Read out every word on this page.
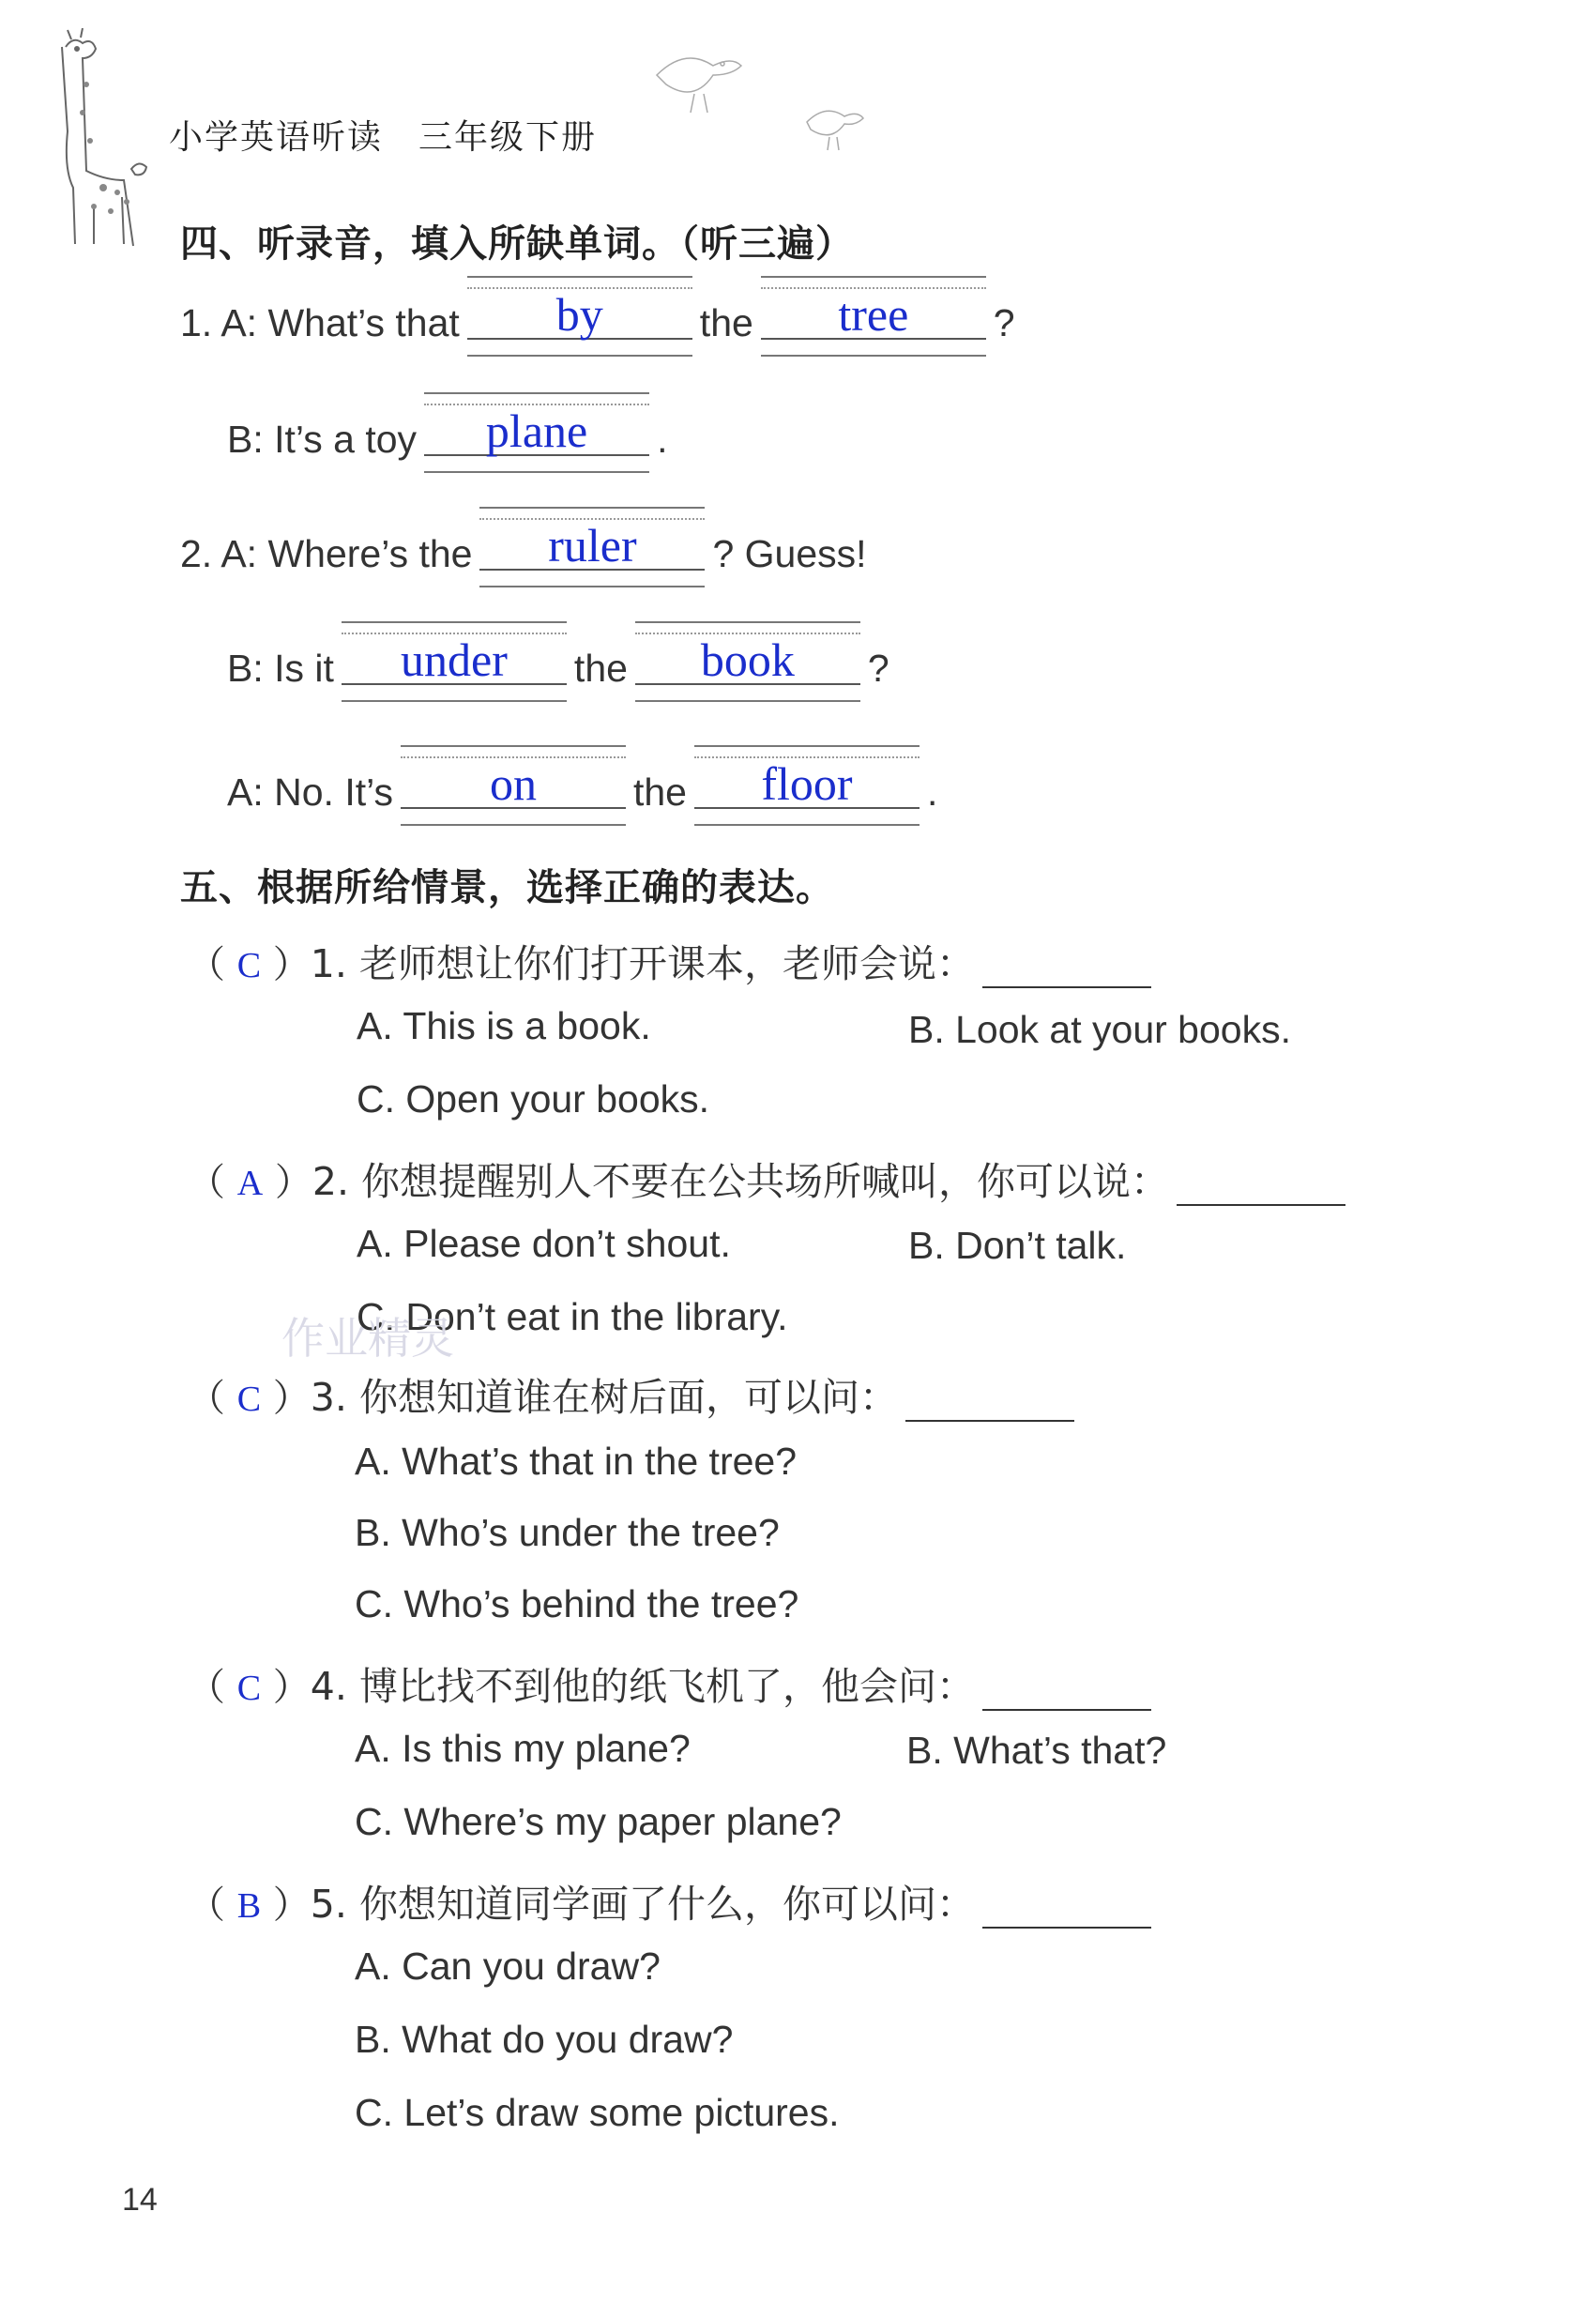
小学英语听读　三年级下册
四、听录音，填入所缺单词。（听三遍）
1. A: What’s that by	the tree ?
B: It’s a toy plane .
2. A: Where’s the ruler ? Guess!
B: Is it under the book ?
A: No. It’s on	the floor .
五、根据所给情景，选择正确的表达。
（ C ）1. 老师想让你们打开课本，老师会说：
A. This is a book.	B. Look at your books.
C. Open your books.
（ A ）2. 你想提醒别人不要在公共场所喊叫，你可以说：
A. Please don’t shout.	B. Don’t talk.
C. Don’t eat in the library.
作业精灵
（ C ）3. 你想知道谁在树后面，可以问：
A. What’s that in the tree?
B. Who’s under the tree?
C. Who’s behind the tree?
（ C ）4. 博比找不到他的纸飞机了，他会问：
A. Is this my plane?	B. What’s that?
C. Where’s my paper plane?
（ B ）5. 你想知道同学画了什么，你可以问：
A. Can you draw?
B. What do you draw?
C. Let’s draw some pictures.
14
